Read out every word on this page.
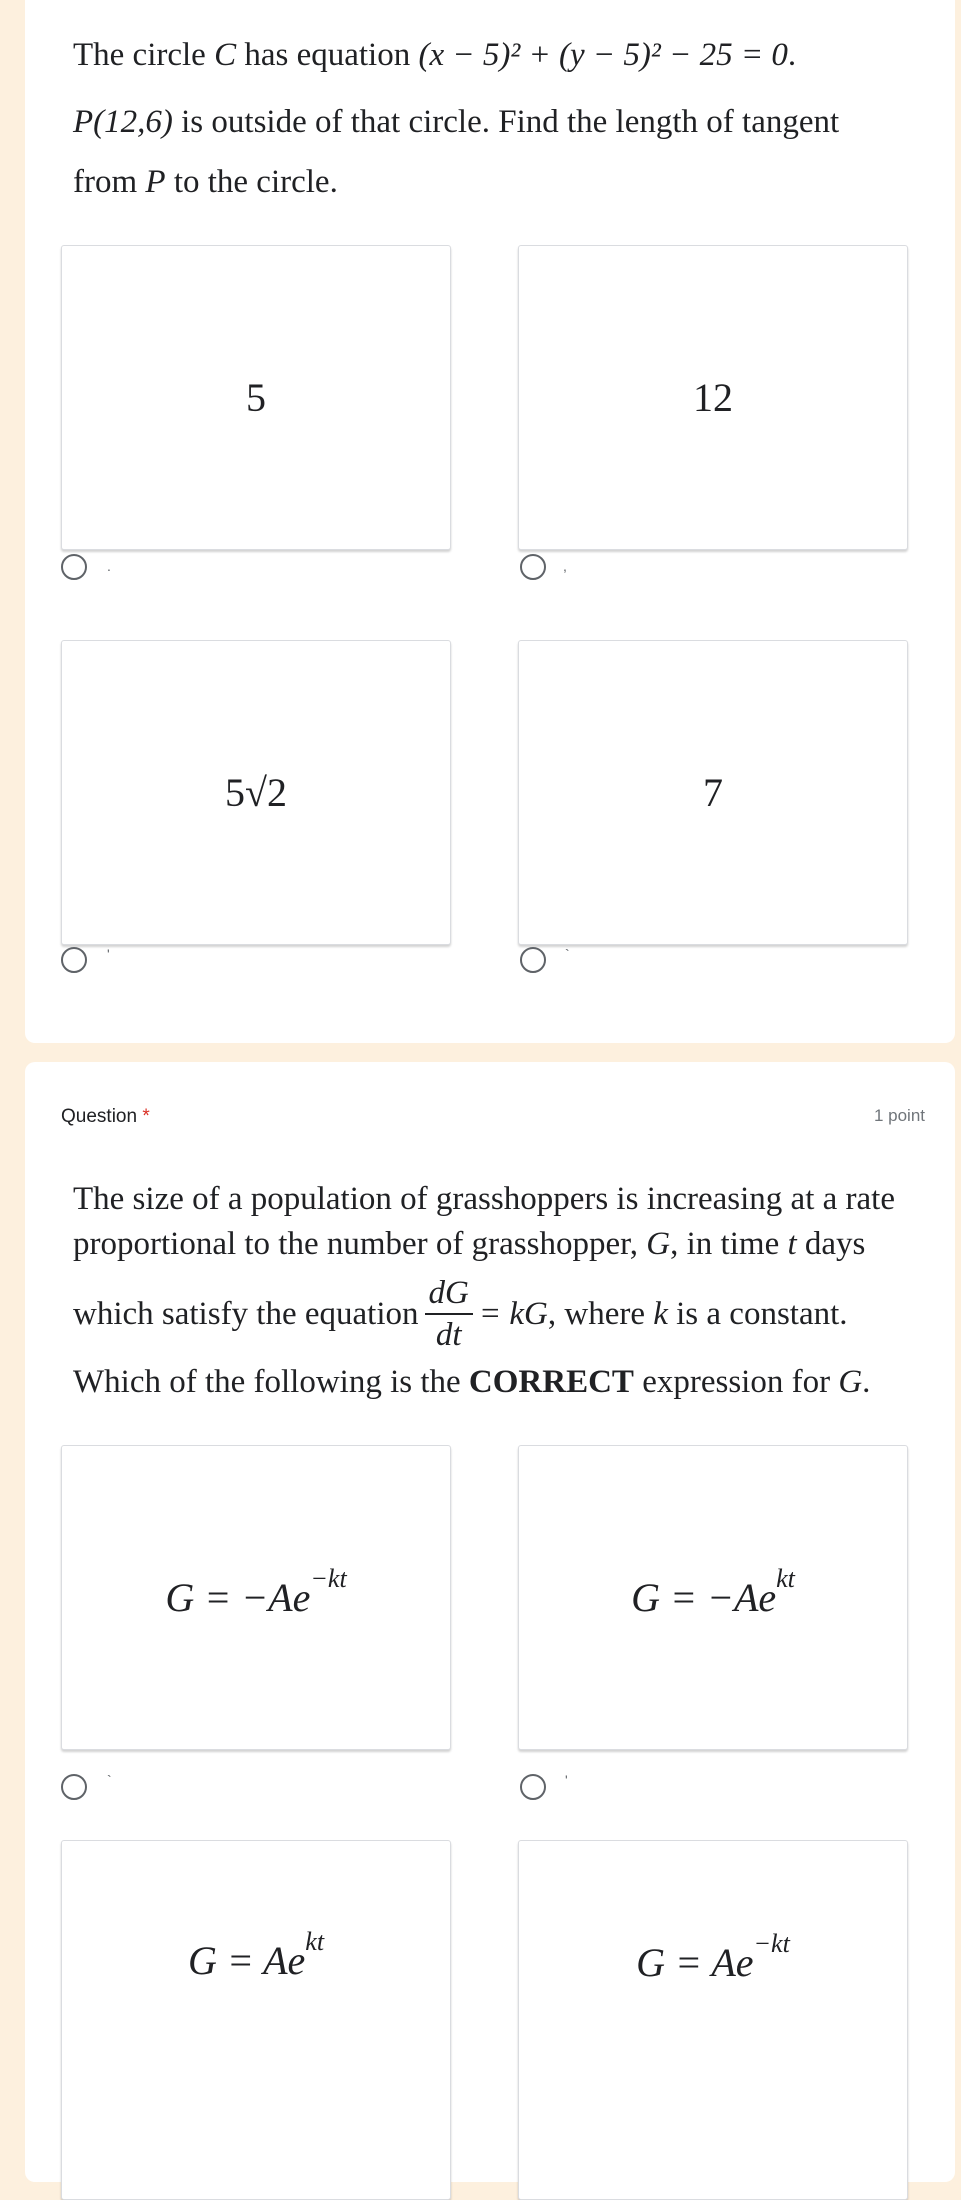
The circle C has equation (x − 5)² + (y − 5)² − 25 = 0.
P(12,6) is outside of that circle. Find the length of tangent
from P to the circle.
5	12
.	,
5√2	7
'	`
Question *	1 point
The size of a population of grasshoppers is increasing at a rate
proportional to the number of grasshopper, G, in time t days
which satisfy the equation $\frac{dG}{dt}$ = kG , where
k
is a constant.
Which of the following is the CORRECT expression for G.
$G = -Ae^{-kt}$	$G = -Ae^{kt}$
`	'
$G = Ae^{kt}$	$G = Ae^{-kt}$
